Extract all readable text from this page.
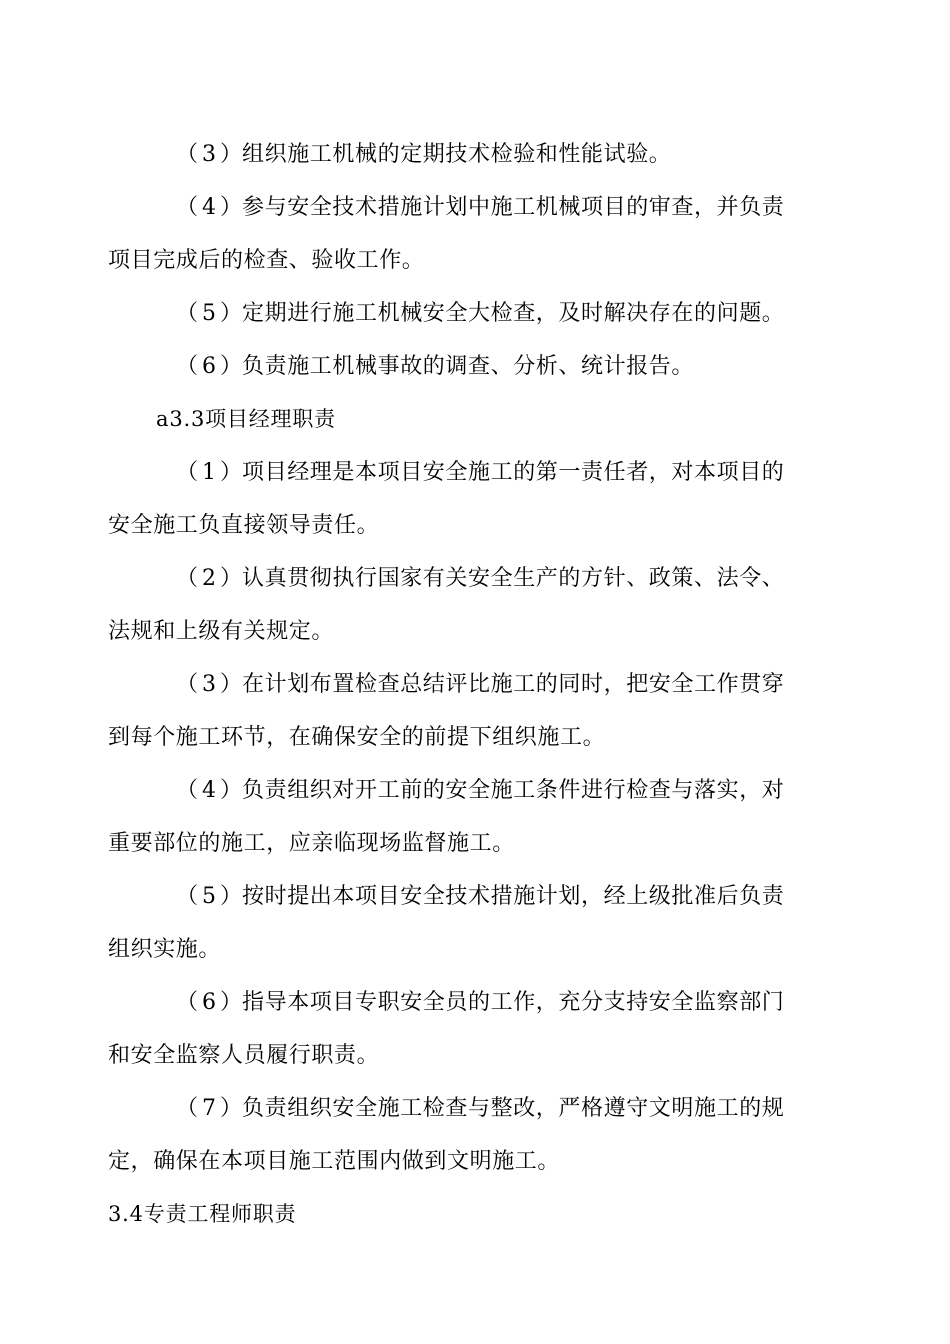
（3）组织施工机械的定期技术检验和性能试验。
（4）参与安全技术措施计划中施工机械项目的审查，并负责
项目完成后的检查、验收工作。
（5）定期进行施工机械安全大检查，及时解决存在的问题。
（6）负责施工机械事故的调查、分析、统计报告。
a3.3项目经理职责
（1）项目经理是本项目安全施工的第一责任者，对本项目的
安全施工负直接领导责任。
（2）认真贯彻执行国家有关安全生产的方针、政策、法令、
法规和上级有关规定。
（3）在计划布置检查总结评比施工的同时，把安全工作贯穿
到每个施工环节，在确保安全的前提下组织施工。
（4）负责组织对开工前的安全施工条件进行检查与落实，对
重要部位的施工，应亲临现场监督施工。
（5）按时提出本项目安全技术措施计划，经上级批准后负责
组织实施。
（6）指导本项目专职安全员的工作，充分支持安全监察部门
和安全监察人员履行职责。
（7）负责组织安全施工检查与整改，严格遵守文明施工的规
定，确保在本项目施工范围内做到文明施工。
3.4专责工程师职责
